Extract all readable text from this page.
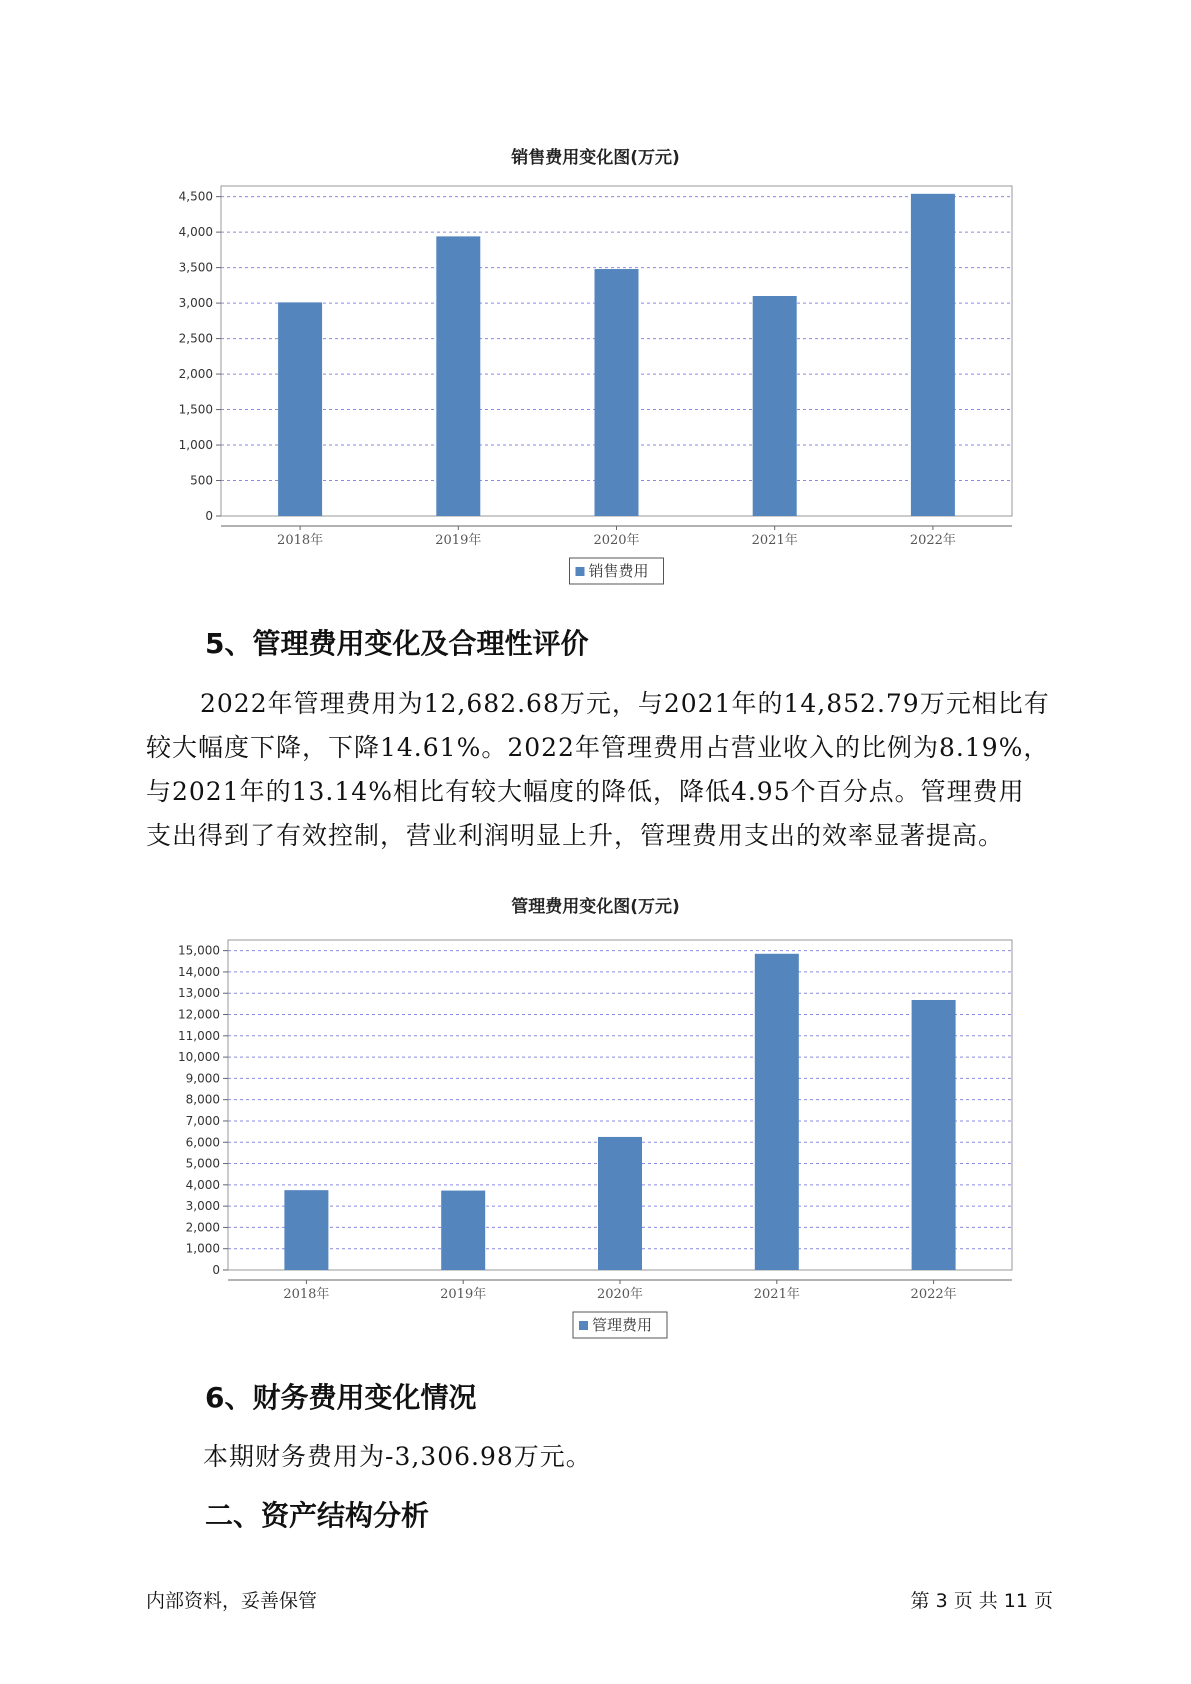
销售费用变化图(万元)
0
500
1,000
1,500
2,000
2,500
3,000
3,500
4,000
4,500
2018年	2019年	2020年	2021年	2022年
销售费用
5、管理费用变化及合理性评价

2022年管理费用为12,682.68万元，与2021年的14,852.79万元相比有

较大幅度下降，下降14.61%。2022年管理费用占营业收入的比例为8.19%，

与2021年的13.14%相比有较大幅度的降低，降低4.95个百分点。管理费用

支出得到了有效控制，营业利润明显上升，管理费用支出的效率显著提高。

管理费用变化图(万元)
0
1,000
2,000
3,000
4,000
5,000
6,000
7,000
8,000
9,000
10,000
11,000
12,000
13,000
14,000
15,000
2018年	2019年	2020年	2021年	2022年
管理费用
6、财务费用变化情况

本期财务费用为-3,306.98万元。

二、资产结构分析
内部资料，妥善保管	第 3 页 共 11 页
